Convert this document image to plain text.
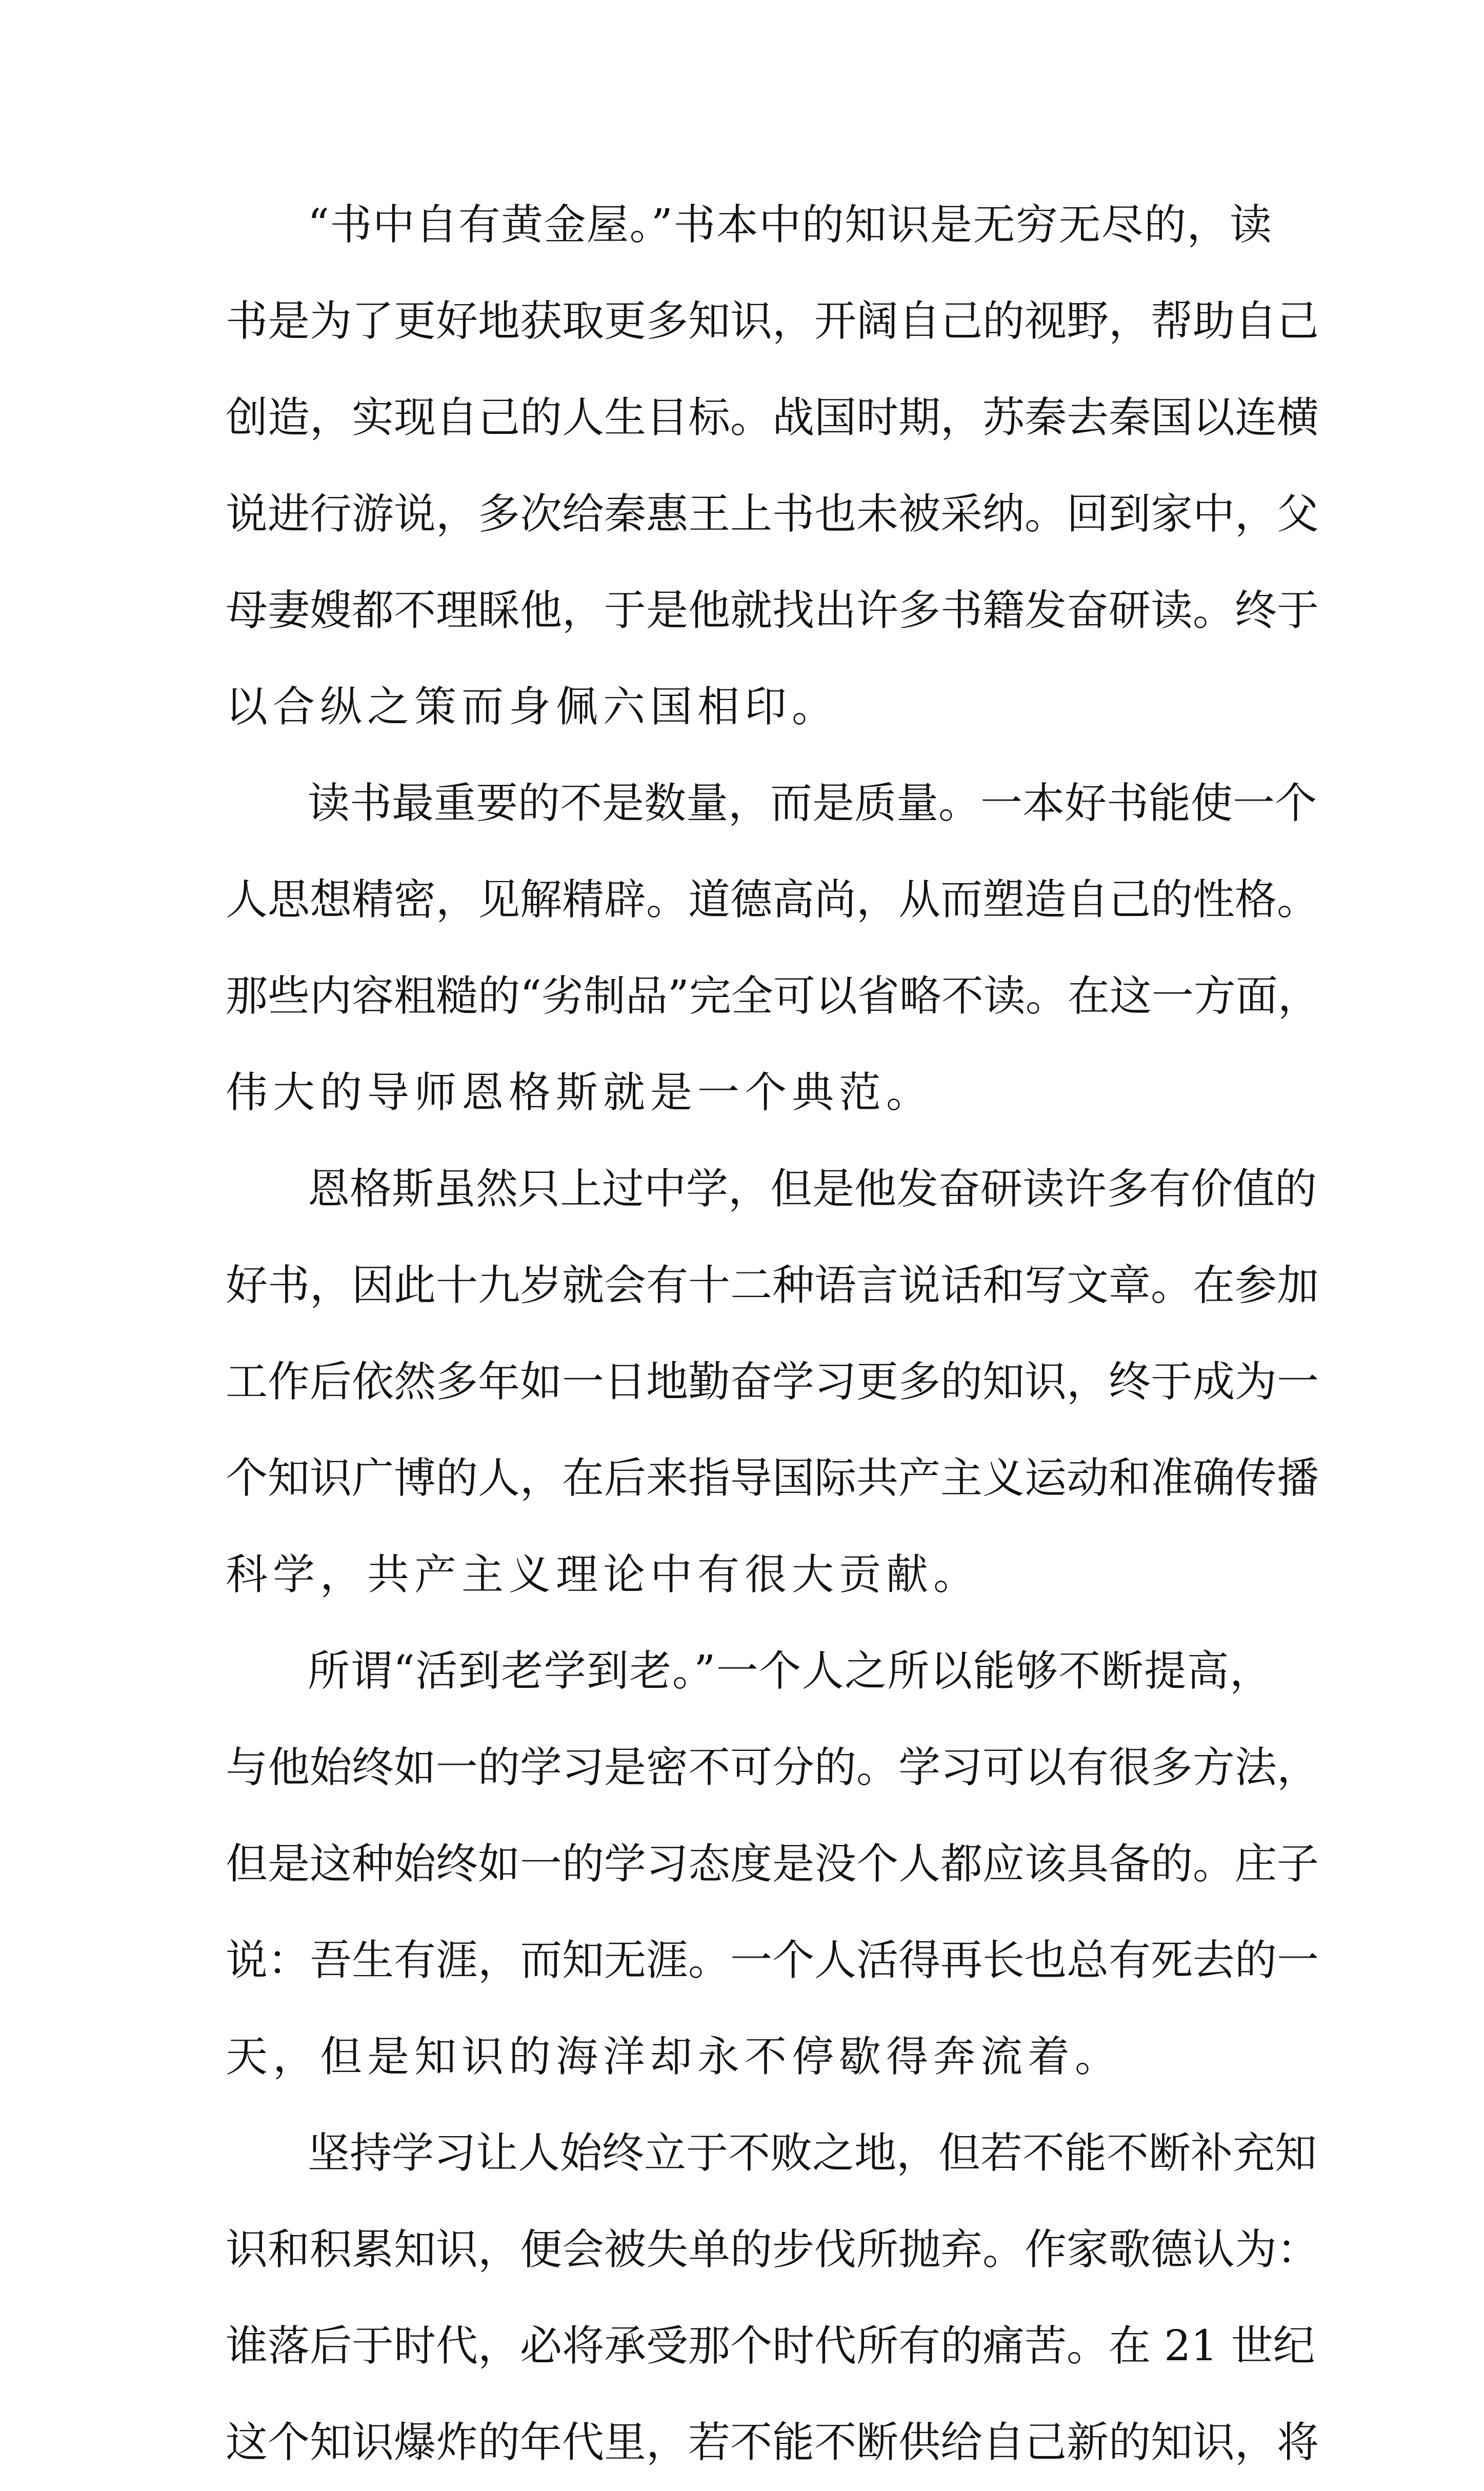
“书中自有黄金屋。”书本中的知识是无穷无尽的，读
书是为了更好地获取更多知识，开阔自己的视野，帮助自己
创造，实现自己的人生目标。战国时期，苏秦去秦国以连横
说进行游说，多次给秦惠王上书也未被采纳。回到家中，父
母妻嫂都不理睬他，于是他就找出许多书籍发奋研读。终于
以合纵之策而身佩六国相印。
读书最重要的不是数量，而是质量。一本好书能使一个
人思想精密，见解精辟。道德高尚，从而塑造自己的性格。
那些内容粗糙的“劣制品”完全可以省略不读。在这一方面，
伟大的导师恩格斯就是一个典范。
恩格斯虽然只上过中学，但是他发奋研读许多有价值的
好书，因此十九岁就会有十二种语言说话和写文章。在参加
工作后依然多年如一日地勤奋学习更多的知识，终于成为一
个知识广博的人，在后来指导国际共产主义运动和准确传播
科学，共产主义理论中有很大贡献。
所谓“活到老学到老。”一个人之所以能够不断提高，
与他始终如一的学习是密不可分的。学习可以有很多方法，
但是这种始终如一的学习态度是没个人都应该具备的。庄子
说：吾生有涯，而知无涯。一个人活得再长也总有死去的一
天，但是知识的海洋却永不停歇得奔流着。
坚持学习让人始终立于不败之地，但若不能不断补充知
识和积累知识，便会被失单的步伐所抛弃。作家歌德认为：
谁落后于时代，必将承受那个时代所有的痛苦。在 21 世纪
这个知识爆炸的年代里，若不能不断供给自己新的知识，将
